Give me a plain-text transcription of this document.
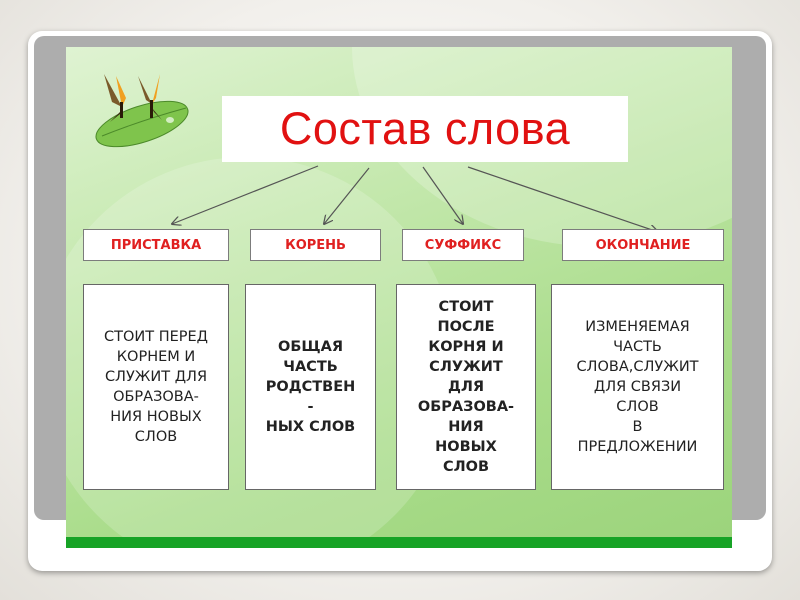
Состав слова
ПРИСТАВКА	КОРЕНЬ	СУФФИКС	ОКОНЧАНИЕ
СТОИТ ПЕРЕД
КОРНЕМ И
СЛУЖИТ ДЛЯ
ОБРАЗОВА-
НИЯ НОВЫХ
СЛОВ
ОБЩАЯ
ЧАСТЬ
РОДСТВЕН
-
НЫХ СЛОВ
СТОИТ
ПОСЛЕ
КОРНЯ И
СЛУЖИТ
ДЛЯ
ОБРАЗОВА-
НИЯ
НОВЫХ
СЛОВ
ИЗМЕНЯЕМАЯ
ЧАСТЬ
СЛОВА,СЛУЖИТ
ДЛЯ СВЯЗИ
СЛОВ
В
ПРЕДЛОЖЕНИИ
